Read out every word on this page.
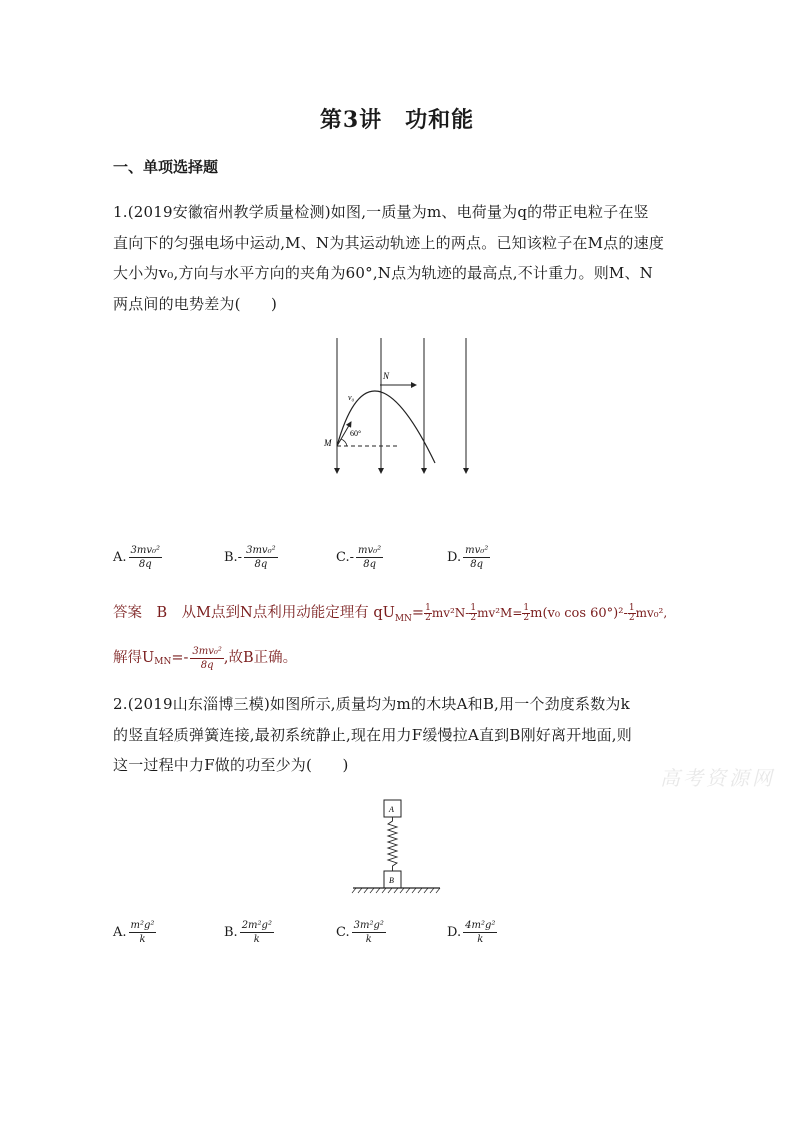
第3讲　功和能
一、单项选择题
1.(2019安徽宿州教学质量检测)如图,一质量为m、电荷量为q的带正电粒子在竖
直向下的匀强电场中运动,M、N为其运动轨迹上的两点。已知该粒子在M点的速度
大小为v₀,方向与水平方向的夹角为60°,N点为轨迹的最高点,不计重力。则M、N
两点间的电势差为(　　)
M
N
v₀
60°
A. $\frac{\text{3mv₀²}}{8q}$	$B.- \frac{\text{3mv₀²}}{8q}$	$C.- \frac{\text{mv₀²}}{8q}$	D. $\frac{\text{mv₀²}}{8q}$
答案　B　从M点到N点利用动能定理有 $qU_{MN}= \frac{1}{2} mv^2N- \frac{1}{2} mv^2M= \frac{1}{2} m(v_0$ $\cos 60^\circ)^2- \frac{1}{2} mv_0^2$,
解得$U_{MN} =- \frac{\text{3mv₀²}}{8q}$ ,故B正确。
2.(2019山东淄博三模)如图所示,质量均为m的木块A和B,用一个劲度系数为k
的竖直轻质弹簧连接,最初系统静止,现在用力F缓慢拉A直到B刚好离开地面,则
这一过程中力F做的功至少为(　　)
高考资源网
A
B
A. $\frac{\text{m²g²}}{k}$	B. $\frac{\text{2m²g²}}{k}$	C. $\frac{\text{3m²g²}}{k}$	D. $\frac{\text{4m²g²}}{k}$
